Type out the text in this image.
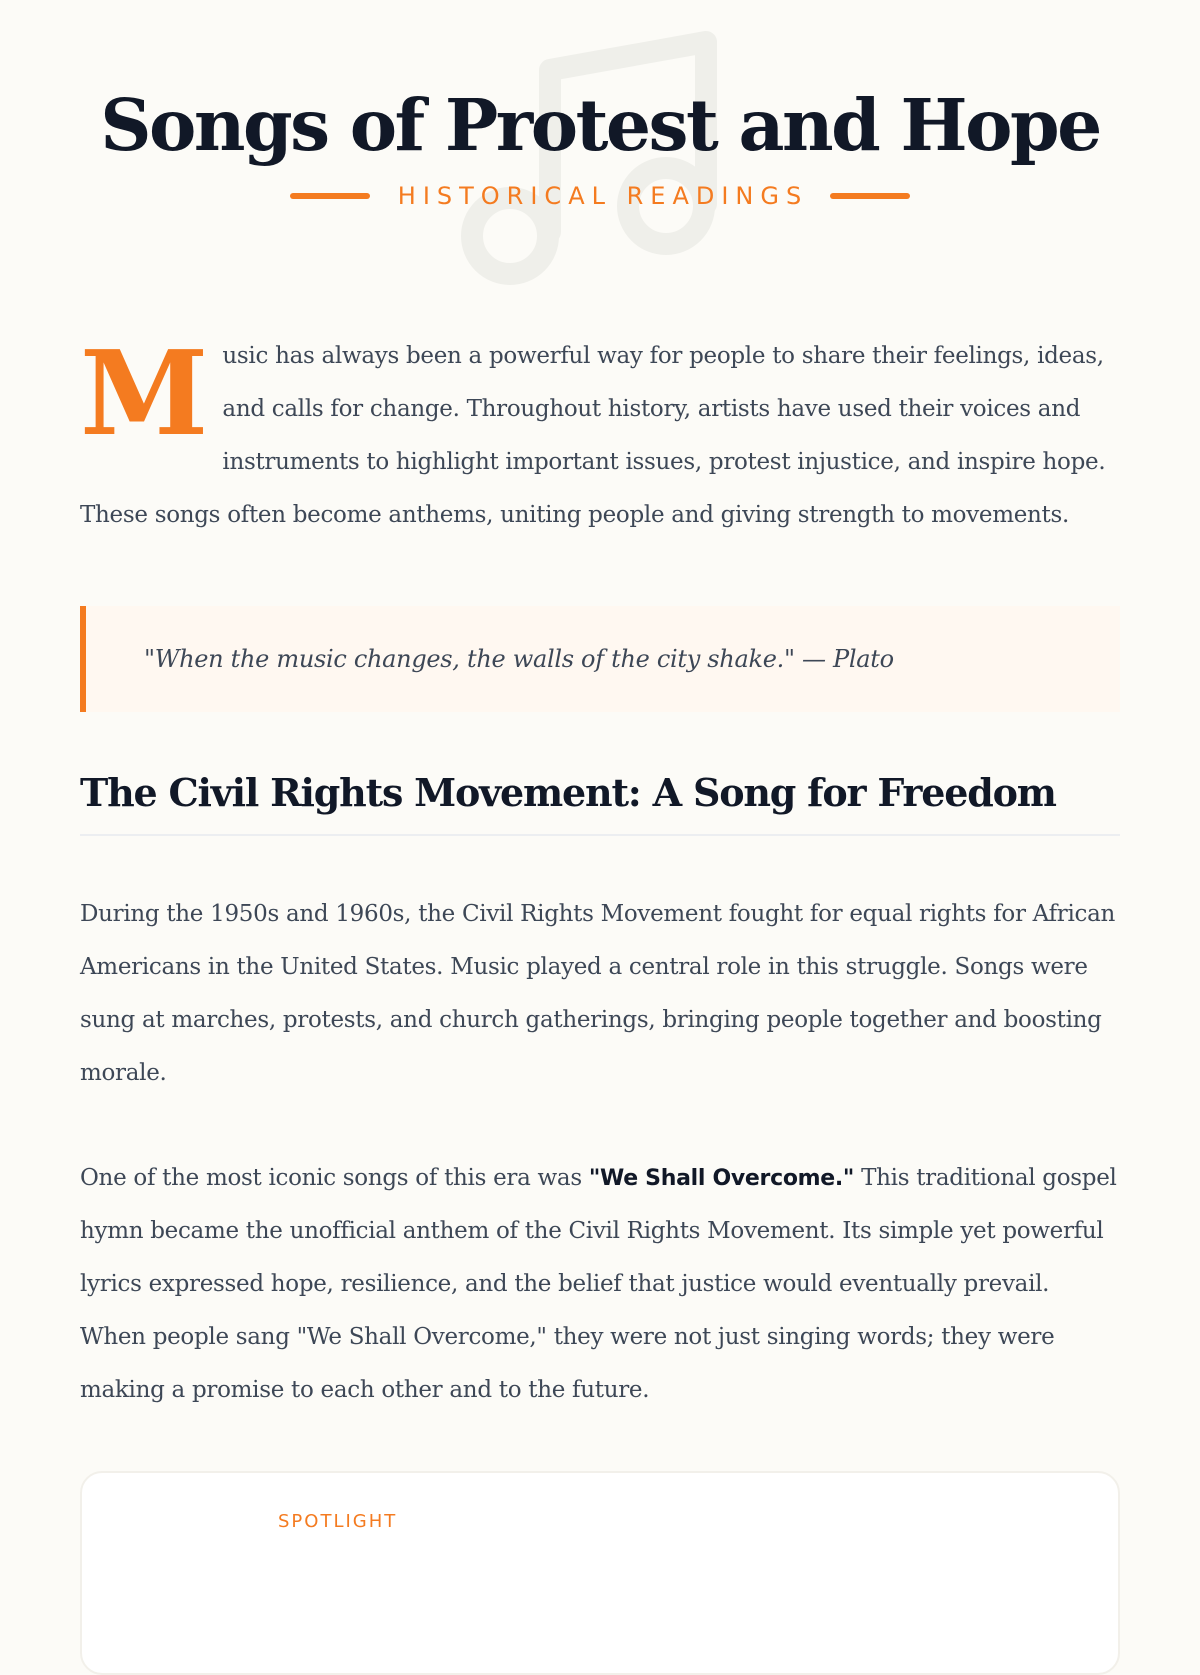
Songs of Protest and Hope
HISTORICAL READINGS

Music has always been a powerful way for people to share their feelings, ideas, and calls for change. Throughout history, artists have used their voices and instruments to highlight important issues, protest injustice, and inspire hope. These songs often become anthems, uniting people and giving strength to movements.

"When the music changes, the walls of the city shake." — Plato
The Civil Rights Movement: A Song for Freedom

During the 1950s and 1960s, the Civil Rights Movement fought for equal rights for African Americans in the United States. Music played a central role in this struggle. Songs were sung at marches, protests, and church gatherings, bringing people together and boosting morale.

One of the most iconic songs of this era was "We Shall Overcome." This traditional gospel hymn became the unofficial anthem of the Civil Rights Movement. Its simple yet powerful lyrics expressed hope, resilience, and the belief that justice would eventually prevail. When people sang "We Shall Overcome," they were not just singing words; they were making a promise to each other and to the future.

SPOTLIGHT
